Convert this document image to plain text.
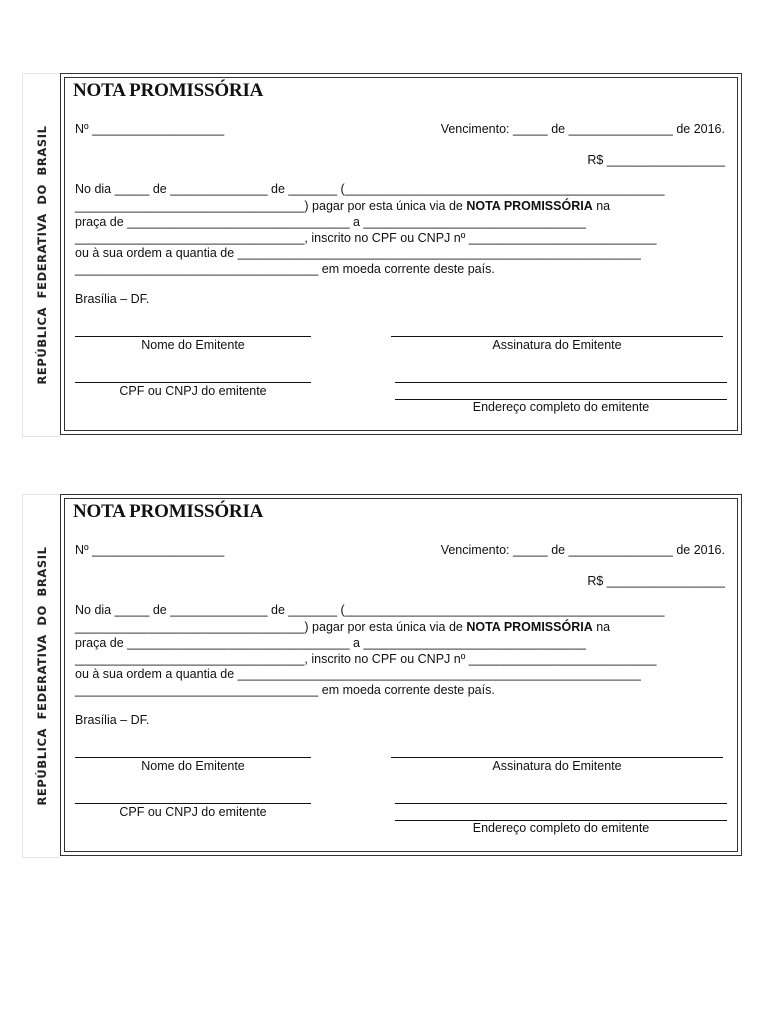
REPÚBLICA FEDERATIVA DO BRASIL
NOTA PROMISSÓRIA
Nº ___________________	Vencimento: _____ de _______________ de 2016.
R$ _________________
No dia _____ de ______________ de _______ (______________________________________________
_________________________________) pagar por esta única via de NOTA PROMISSÓRIA na
praça de ________________________________ a ________________________________
_________________________________, inscrito no CPF ou CNPJ nº ___________________________
ou à sua ordem a quantia de __________________________________________________________
___________________________________ em moeda corrente deste país.
Brasília – DF.
Nome do Emitente	Assinatura do Emitente
CPF ou CNPJ do emitente
Endereço completo do emitente
REPÚBLICA FEDERATIVA DO BRASIL
NOTA PROMISSÓRIA
Nº ___________________	Vencimento: _____ de _______________ de 2016.
R$ _________________
No dia _____ de ______________ de _______ (______________________________________________
_________________________________) pagar por esta única via de NOTA PROMISSÓRIA na
praça de ________________________________ a ________________________________
_________________________________, inscrito no CPF ou CNPJ nº ___________________________
ou à sua ordem a quantia de __________________________________________________________
___________________________________ em moeda corrente deste país.
Brasília – DF.
Nome do Emitente	Assinatura do Emitente
CPF ou CNPJ do emitente
Endereço completo do emitente
